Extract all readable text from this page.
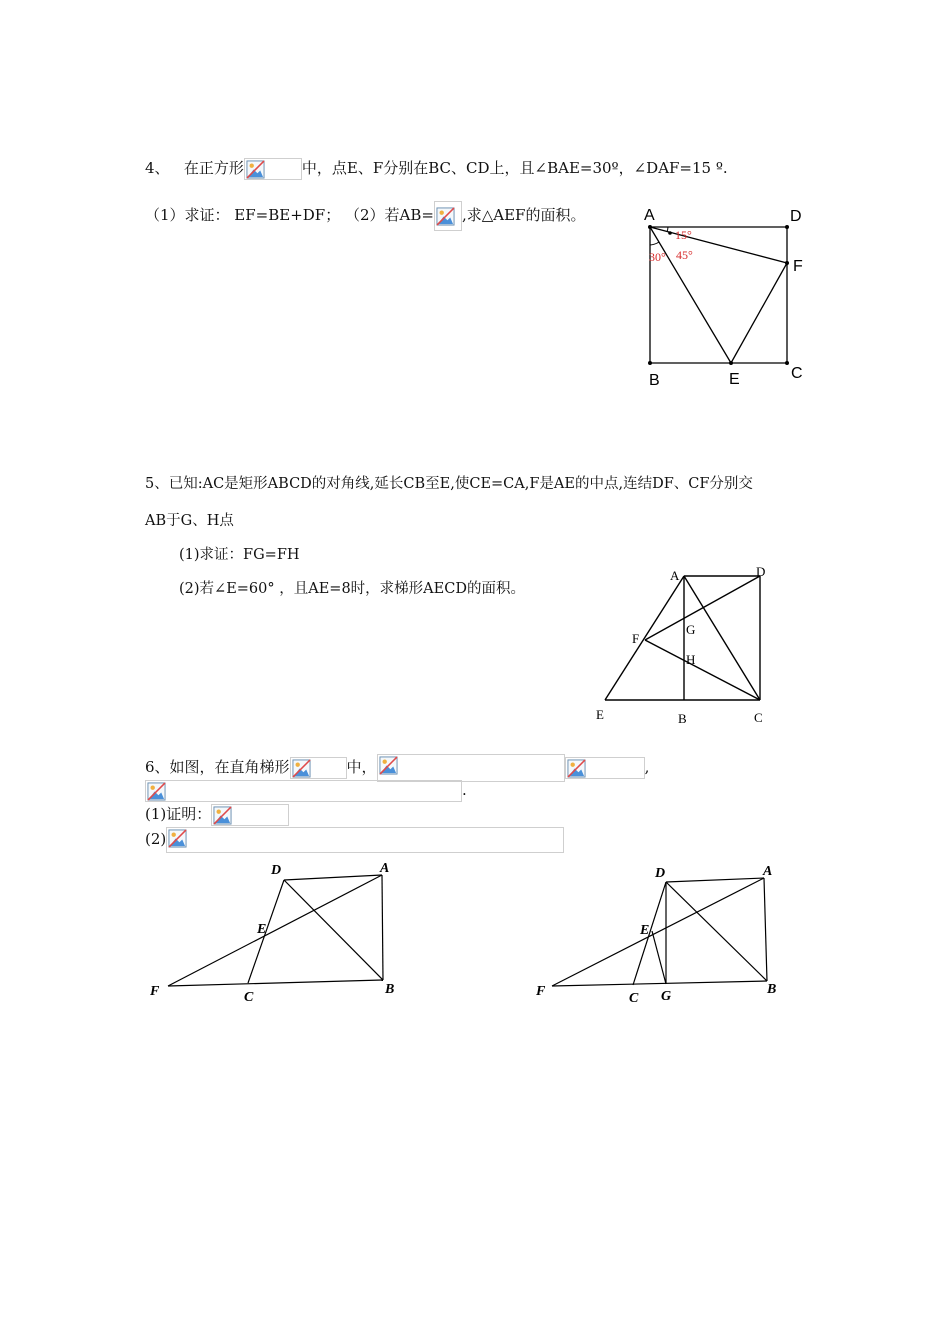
4、 在正方形	中，点E、F分别在BC、CD上，且∠BAE=30º，∠DAF=15 º.
（1）求证： EF=BE+DF； （2）若AB= ,求△AEF的面积。	A	D
F
B	E	C
15°
30° 45°
5、已知:AC是矩形ABCD的对角线,延长CB至E,使CE=CA,F是AE的中点,连结DF、CF分别交
AB于G、H点
(1)求证：FG=FH
(2)若∠E=60° ，且AE=8时，求梯形AECD的面积。
A	D
G
F
H
E	B	C
6、如图，在直角梯形	中，	,
.
(1)证明：
(2)
D	A
E
F	C
B
D	A
E
F	C G	B
